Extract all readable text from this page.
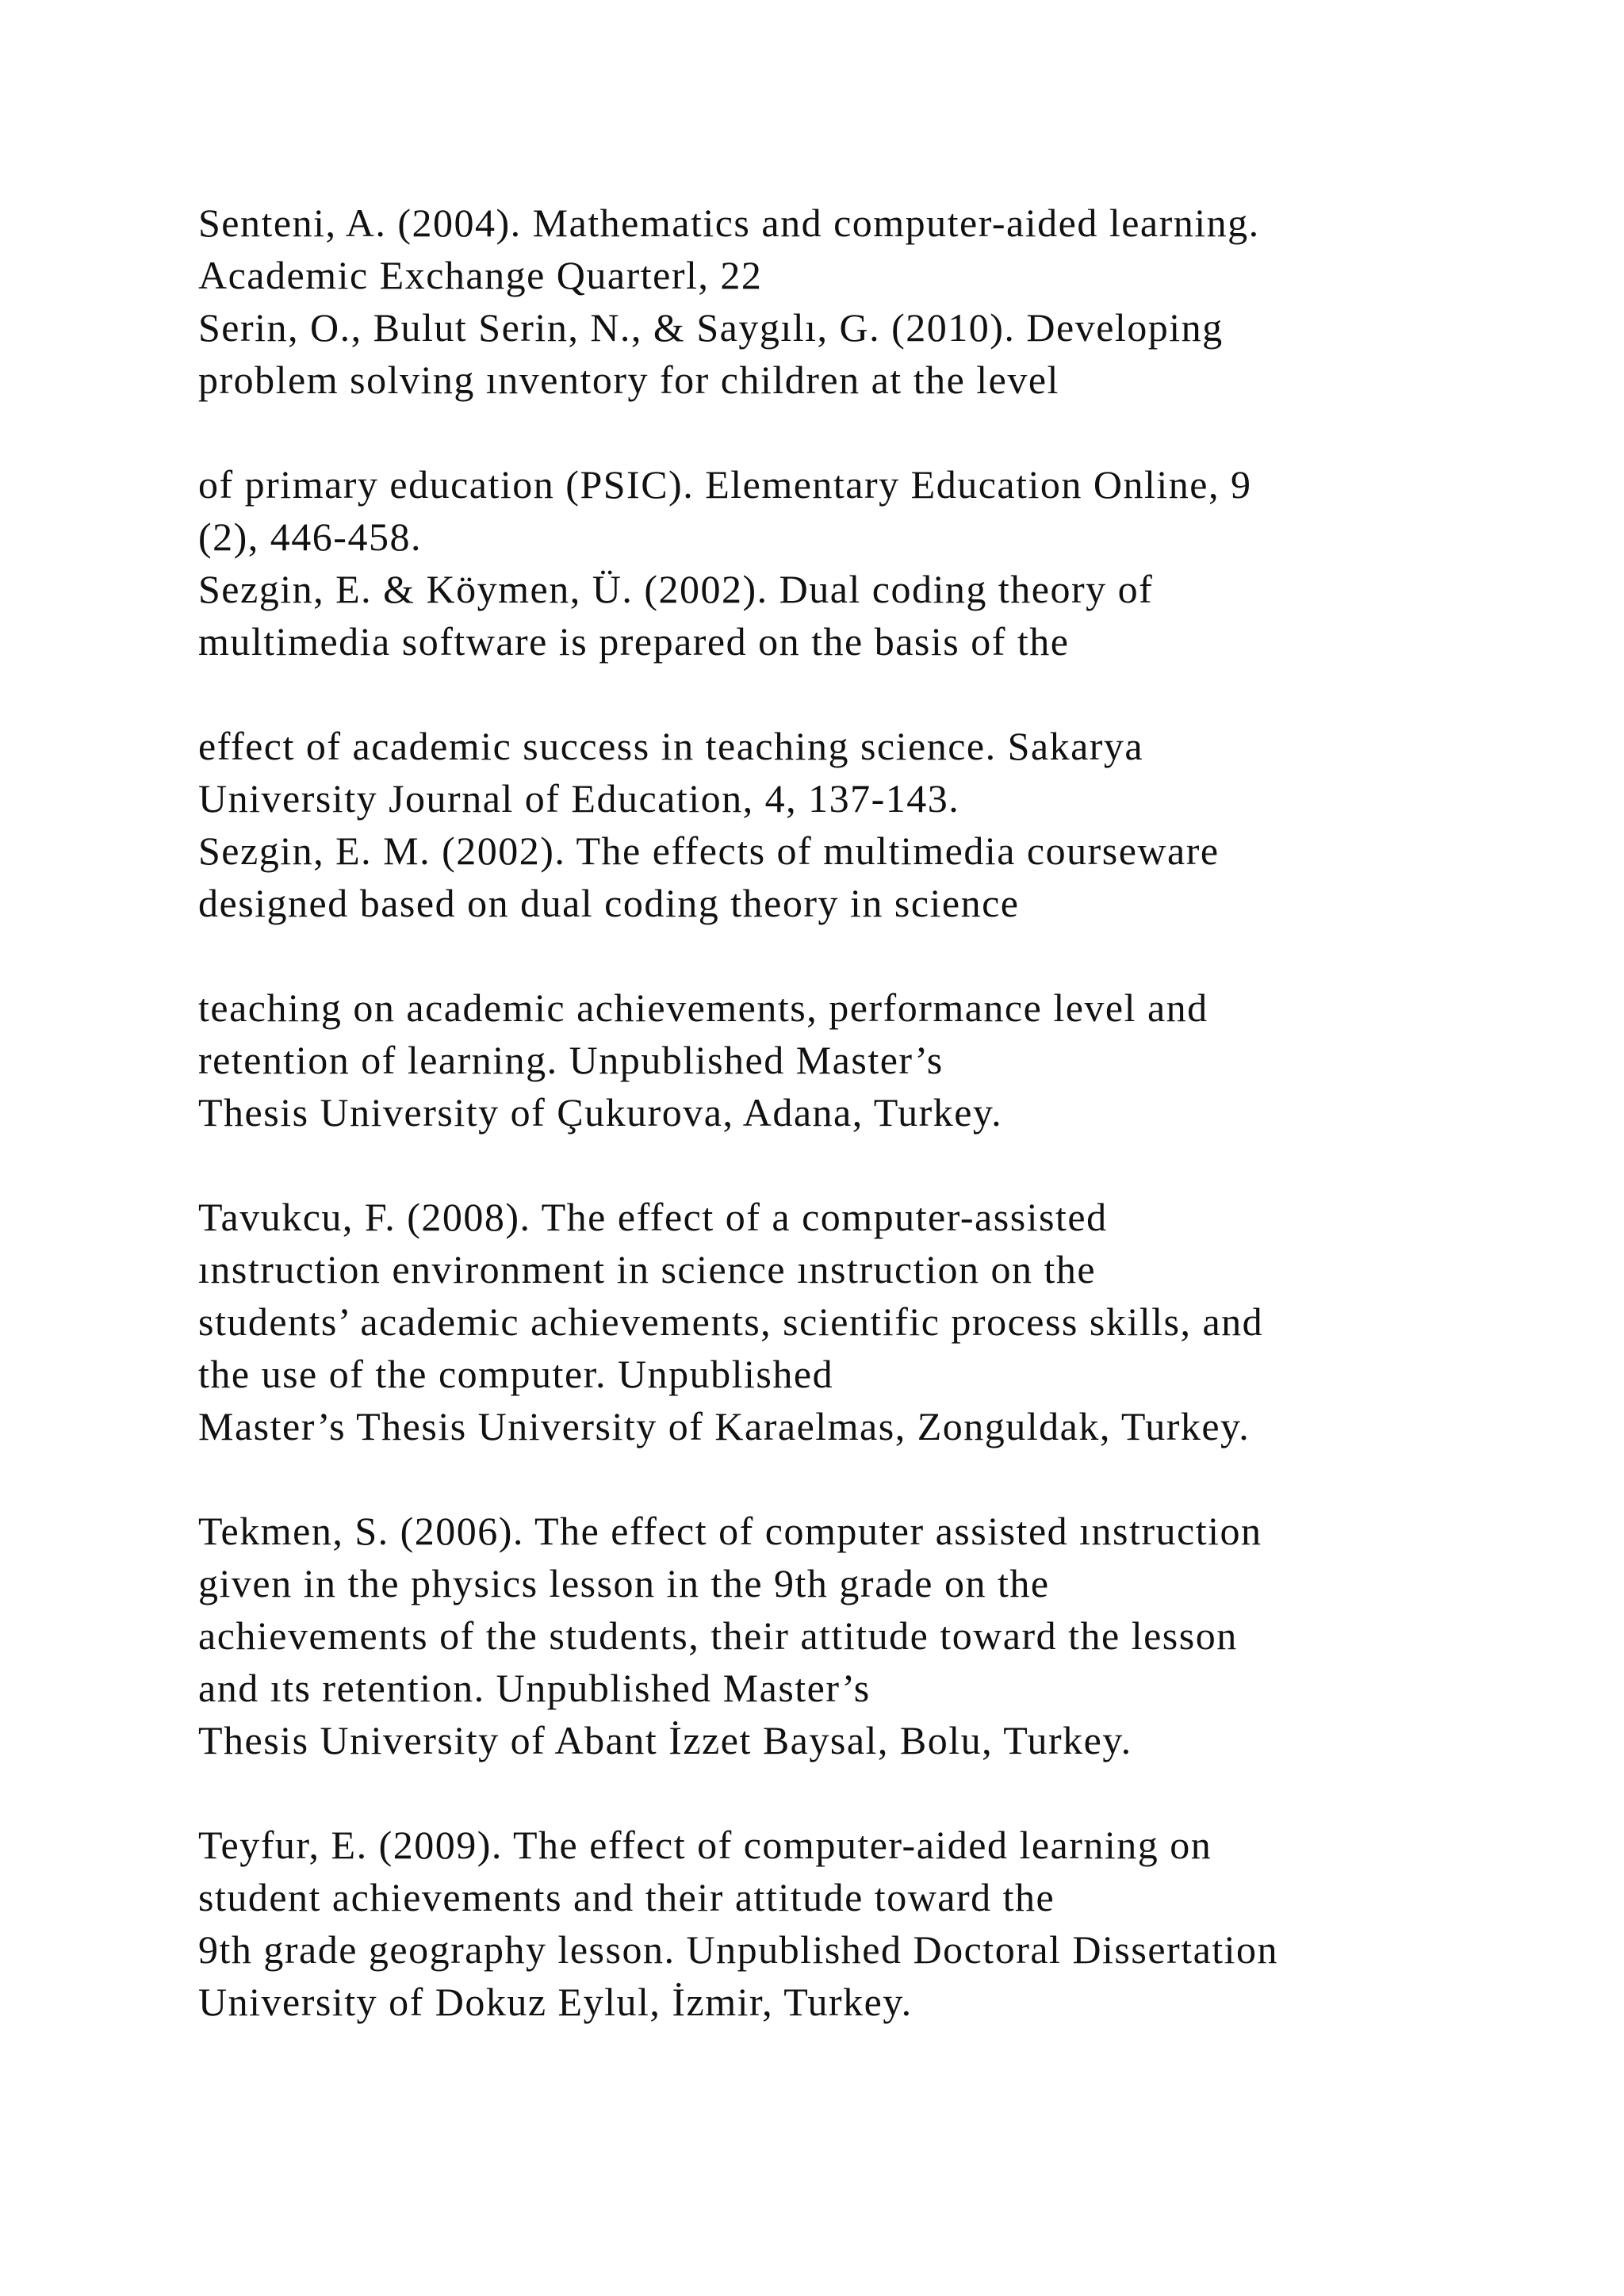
Senteni, A. (2004). Mathematics and computer-aided learning.

Academic Exchange Quarterl, 22

Serin, O., Bulut Serin, N., & Saygılı, G. (2010). Developing

problem solving ınventory for children at the level

of primary education (PSIC). Elementary Education Online, 9

(2), 446-458.

Sezgin, E. & Köymen, Ü. (2002). Dual coding theory of

multimedia software is prepared on the basis of the

effect of academic success in teaching science. Sakarya

University Journal of Education, 4, 137-143.

Sezgin, E. M. (2002). The effects of multimedia courseware

designed based on dual coding theory in science

teaching on academic achievements, performance level and

retention of learning. Unpublished Master’s

Thesis University of Çukurova, Adana, Turkey.

Tavukcu, F. (2008). The effect of a computer-assisted

ınstruction environment in science ınstruction on the

students’ academic achievements, scientific process skills, and

the use of the computer. Unpublished

Master’s Thesis University of Karaelmas, Zonguldak, Turkey.

Tekmen, S. (2006). The effect of computer assisted ınstruction

given in the physics lesson in the 9th grade on the

achievements of the students, their attitude toward the lesson

and ıts retention. Unpublished Master’s

Thesis University of Abant İzzet Baysal, Bolu, Turkey.

Teyfur, E. (2009). The effect of computer-aided learning on

student achievements and their attitude toward the

9th grade geography lesson. Unpublished Doctoral Dissertation

University of Dokuz Eylul, İzmir, Turkey.
